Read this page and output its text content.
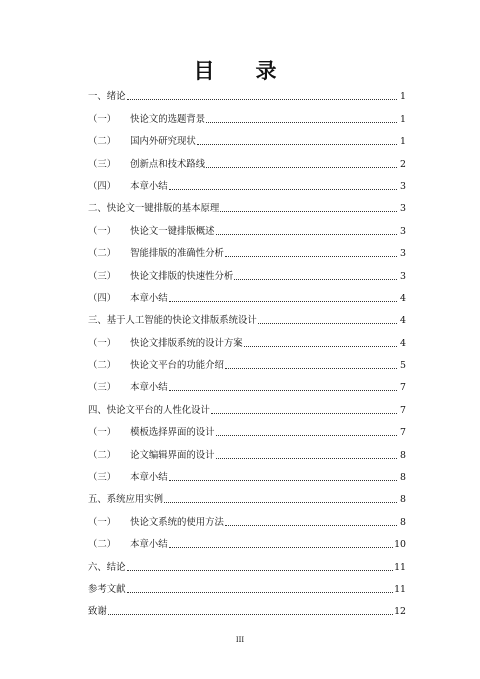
目　录
一、绪论	1
（一）	快论文的选题背景	1
（二）	国内外研究现状	1
（三）	创新点和技术路线	2
（四）	本章小结	3
二、快论文一键排版的基本原理	3
（一）	快论文一键排版概述	3
（二）	智能排版的准确性分析	3
（三）	快论文排版的快速性分析	3
（四）	本章小结	4
三、基于人工智能的快论文排版系统设计	4
（一）	快论文排版系统的设计方案	4
（二）	快论文平台的功能介绍	5
（三）	本章小结	7
四、快论文平台的人性化设计	7
（一）	模板选择界面的设计	7
（二）	论文编辑界面的设计	8
（三）	本章小结	8
五、系统应用实例	8
（一）	快论文系统的使用方法	8
（二）	本章小结	10
六、结论	11
参考文献	11
致谢	12
III
